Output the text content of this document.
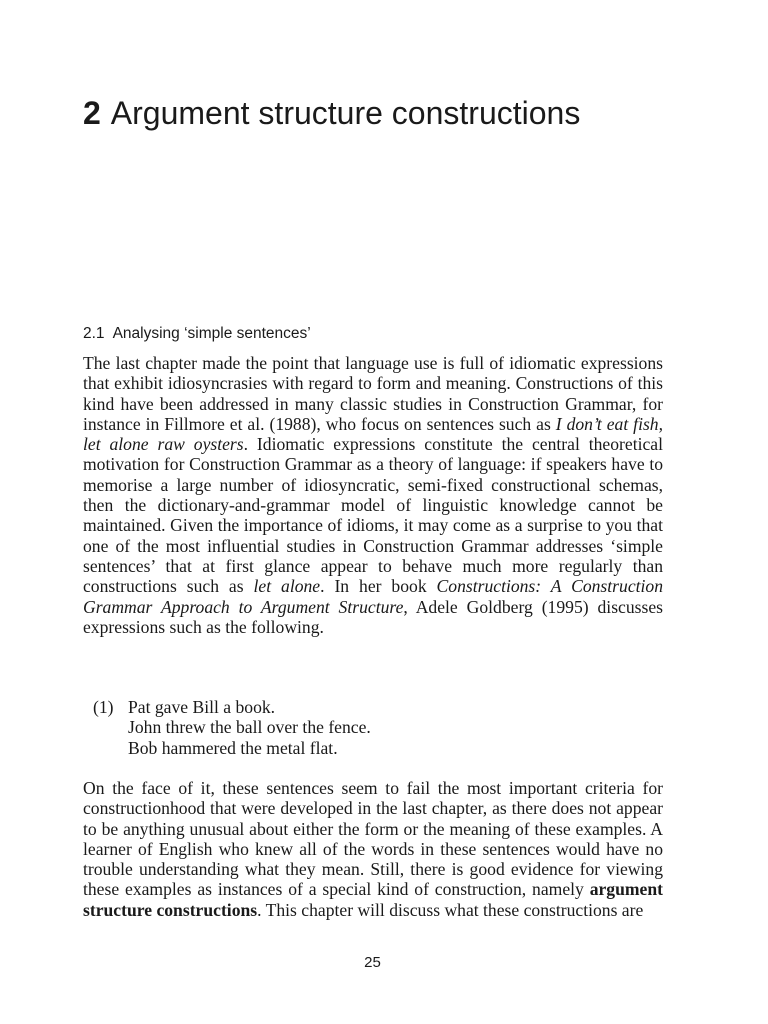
2 Argument structure constructions
2.1 Analysing ‘simple sentences’

The last chapter made the point that language use is full of idiomatic expressions that exhibit idiosyncrasies with regard to form and meaning. Constructions of this kind have been addressed in many classic studies in Construction Grammar, for instance in Fillmore et al. (1988), who focus on sentences such as I don’t eat fish, let alone raw oysters. Idiomatic expressions constitute the central theoretical motivation for Construction Grammar as a theory of language: if speakers have to memorise a large number of idiosyncratic, semi-fixed constructional schemas, then the dictionary-and-grammar model of linguistic knowledge cannot be maintained. Given the importance of idioms, it may come as a surprise to you that one of the most influential studies in Construction Grammar addresses ‘simple sentences’ that at first glance appear to behave much more regularly than constructions such as let alone. In her book Constructions: A Construction Grammar Approach to Argument Structure, Adele Goldberg (1995) discusses expressions such as the following.

(1) Pat gave Bill a book.
John threw the ball over the fence.
Bob hammered the metal flat.

On the face of it, these sentences seem to fail the most important criteria for constructionhood that were developed in the last chapter, as there does not appear to be anything unusual about either the form or the meaning of these examples. A learner of English who knew all of the words in these sentences would have no trouble understanding what they mean. Still, there is good evidence for viewing these examples as instances of a special kind of construction, namely argument structure constructions. This chapter will discuss what these constructions are

25
